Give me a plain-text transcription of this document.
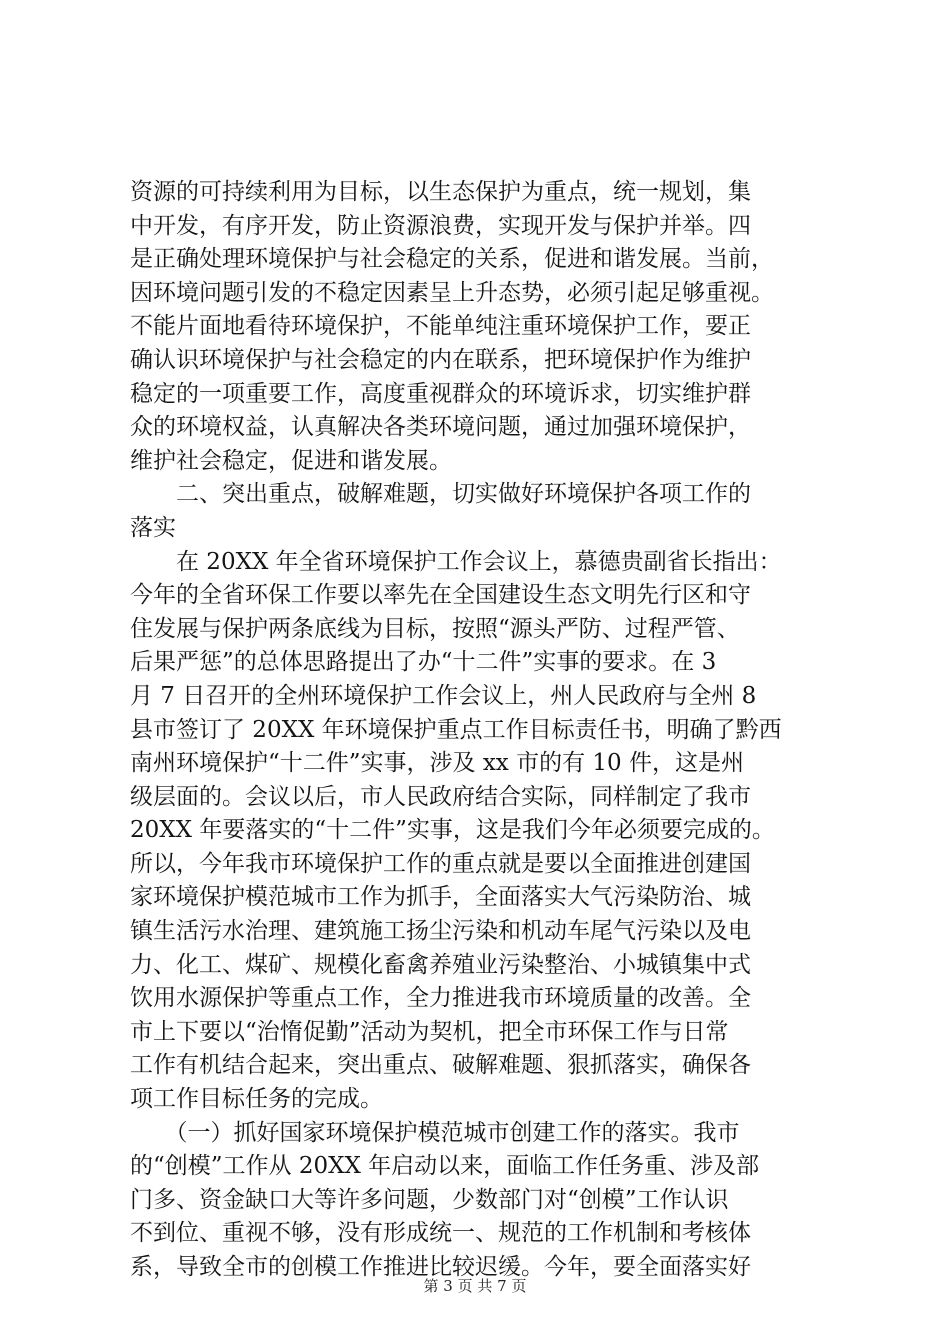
资源的可持续利用为目标，以生态保护为重点，统一规划，集
中开发，有序开发，防止资源浪费，实现开发与保护并举。四
是正确处理环境保护与社会稳定的关系，促进和谐发展。当前，
因环境问题引发的不稳定因素呈上升态势，必须引起足够重视。
不能片面地看待环境保护，不能单纯注重环境保护工作，要正
确认识环境保护与社会稳定的内在联系，把环境保护作为维护
稳定的一项重要工作，高度重视群众的环境诉求，切实维护群
众的环境权益，认真解决各类环境问题，通过加强环境保护，
维护社会稳定，促进和谐发展。
　　二、突出重点，破解难题，切实做好环境保护各项工作的
落实
　　在 20XX 年全省环境保护工作会议上，慕德贵副省长指出：
今年的全省环保工作要以率先在全国建设生态文明先行区和守
住发展与保护两条底线为目标，按照“源头严防、过程严管、
后果严惩”的总体思路提出了办“十二件”实事的要求。在 3
月 7 日召开的全州环境保护工作会议上，州人民政府与全州 8
县市签订了 20XX 年环境保护重点工作目标责任书，明确了黔西
南州环境保护“十二件”实事，涉及 xx 市的有 10 件，这是州
级层面的。会议以后，市人民政府结合实际，同样制定了我市
20XX 年要落实的“十二件”实事，这是我们今年必须要完成的。
所以，今年我市环境保护工作的重点就是要以全面推进创建国
家环境保护模范城市工作为抓手，全面落实大气污染防治、城
镇生活污水治理、建筑施工扬尘污染和机动车尾气污染以及电
力、化工、煤矿、规模化畜禽养殖业污染整治、小城镇集中式
饮用水源保护等重点工作，全力推进我市环境质量的改善。全
市上下要以“治惰促勤”活动为契机，把全市环保工作与日常
工作有机结合起来，突出重点、破解难题、狠抓落实，确保各
项工作目标任务的完成。
　　（一）抓好国家环境保护模范城市创建工作的落实。我市
的“创模”工作从 20XX 年启动以来，面临工作任务重、涉及部
门多、资金缺口大等许多问题，少数部门对“创模”工作认识
不到位、重视不够，没有形成统一、规范的工作机制和考核体
系，导致全市的创模工作推进比较迟缓。今年，要全面落实好
第 3 页 共 7 页
